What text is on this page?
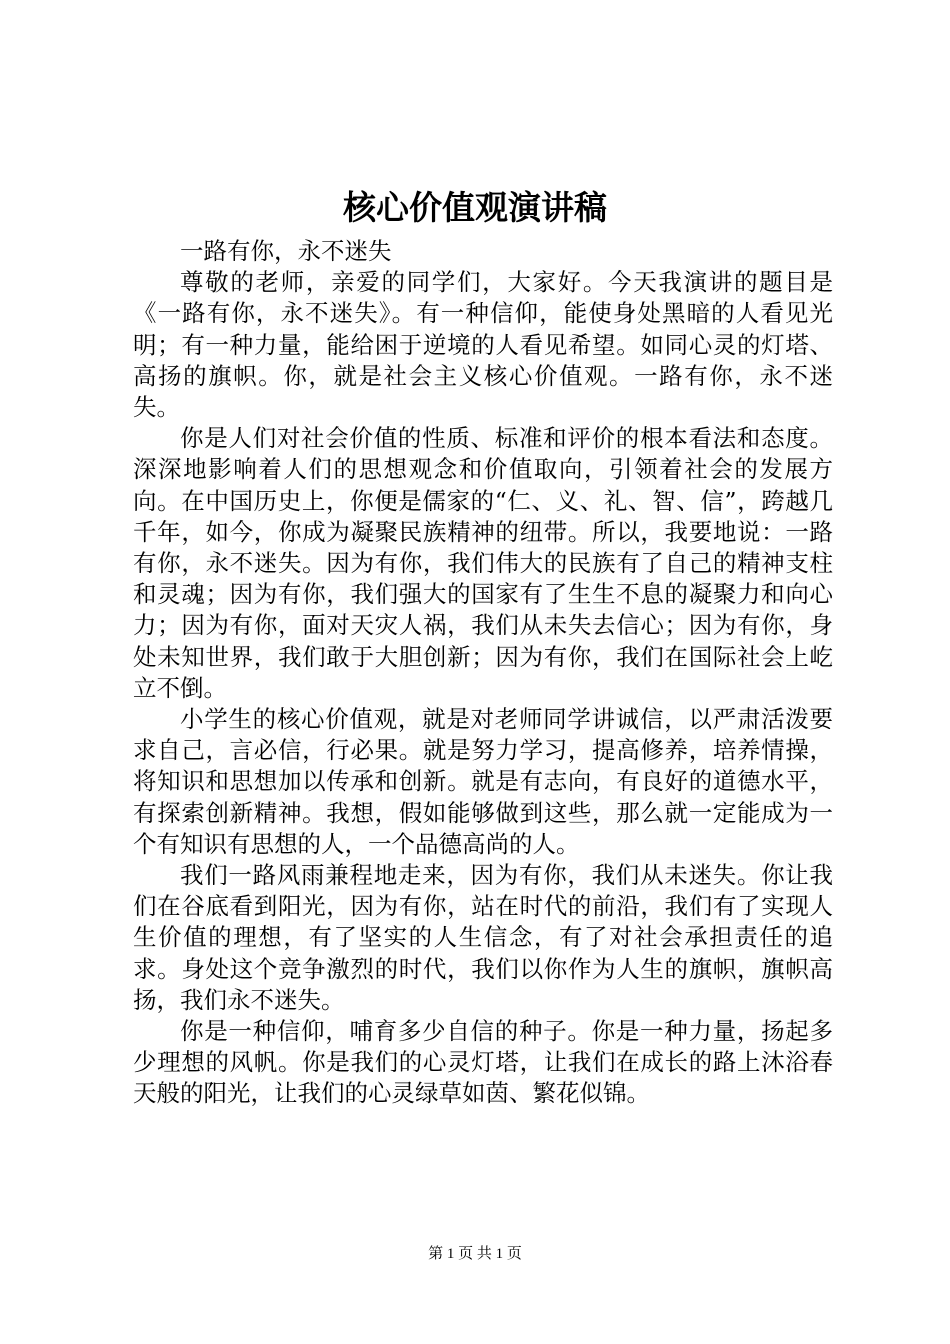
核心价值观演讲稿

一路有你，永不迷失

尊敬的老师，亲爱的同学们，大家好。今天我演讲的题目是《一路有你，永不迷失》。有一种信仰，能使身处黑暗的人看见光明；有一种力量，能给困于逆境的人看见希望。如同心灵的灯塔、高扬的旗帜。你，就是社会主义核心价值观。一路有你，永不迷失。

你是人们对社会价值的性质、标准和评价的根本看法和态度。深深地影响着人们的思想观念和价值取向，引领着社会的发展方向。在中国历史上，你便是儒家的“仁、义、礼、智、信”，跨越几千年，如今，你成为凝聚民族精神的纽带。所以，我要地说：一路有你，永不迷失。因为有你，我们伟大的民族有了自己的精神支柱和灵魂；因为有你，我们强大的国家有了生生不息的凝聚力和向心力；因为有你，面对天灾人祸，我们从未失去信心；因为有你，身处未知世界，我们敢于大胆创新；因为有你，我们在国际社会上屹立不倒。

小学生的核心价值观，就是对老师同学讲诚信，以严肃活泼要求自己，言必信，行必果。就是努力学习，提高修养，培养情操，将知识和思想加以传承和创新。就是有志向，有良好的道德水平，有探索创新精神。我想，假如能够做到这些，那么就一定能成为一个有知识有思想的人，一个品德高尚的人。

我们一路风雨兼程地走来，因为有你，我们从未迷失。你让我们在谷底看到阳光，因为有你，站在时代的前沿，我们有了实现人生价值的理想，有了坚实的人生信念，有了对社会承担责任的追求。身处这个竞争激烈的时代，我们以你作为人生的旗帜，旗帜高扬，我们永不迷失。

你是一种信仰，哺育多少自信的种子。你是一种力量，扬起多少理想的风帆。你是我们的心灵灯塔，让我们在成长的路上沐浴春天般的阳光，让我们的心灵绿草如茵、繁花似锦。

第 1 页 共 1 页
